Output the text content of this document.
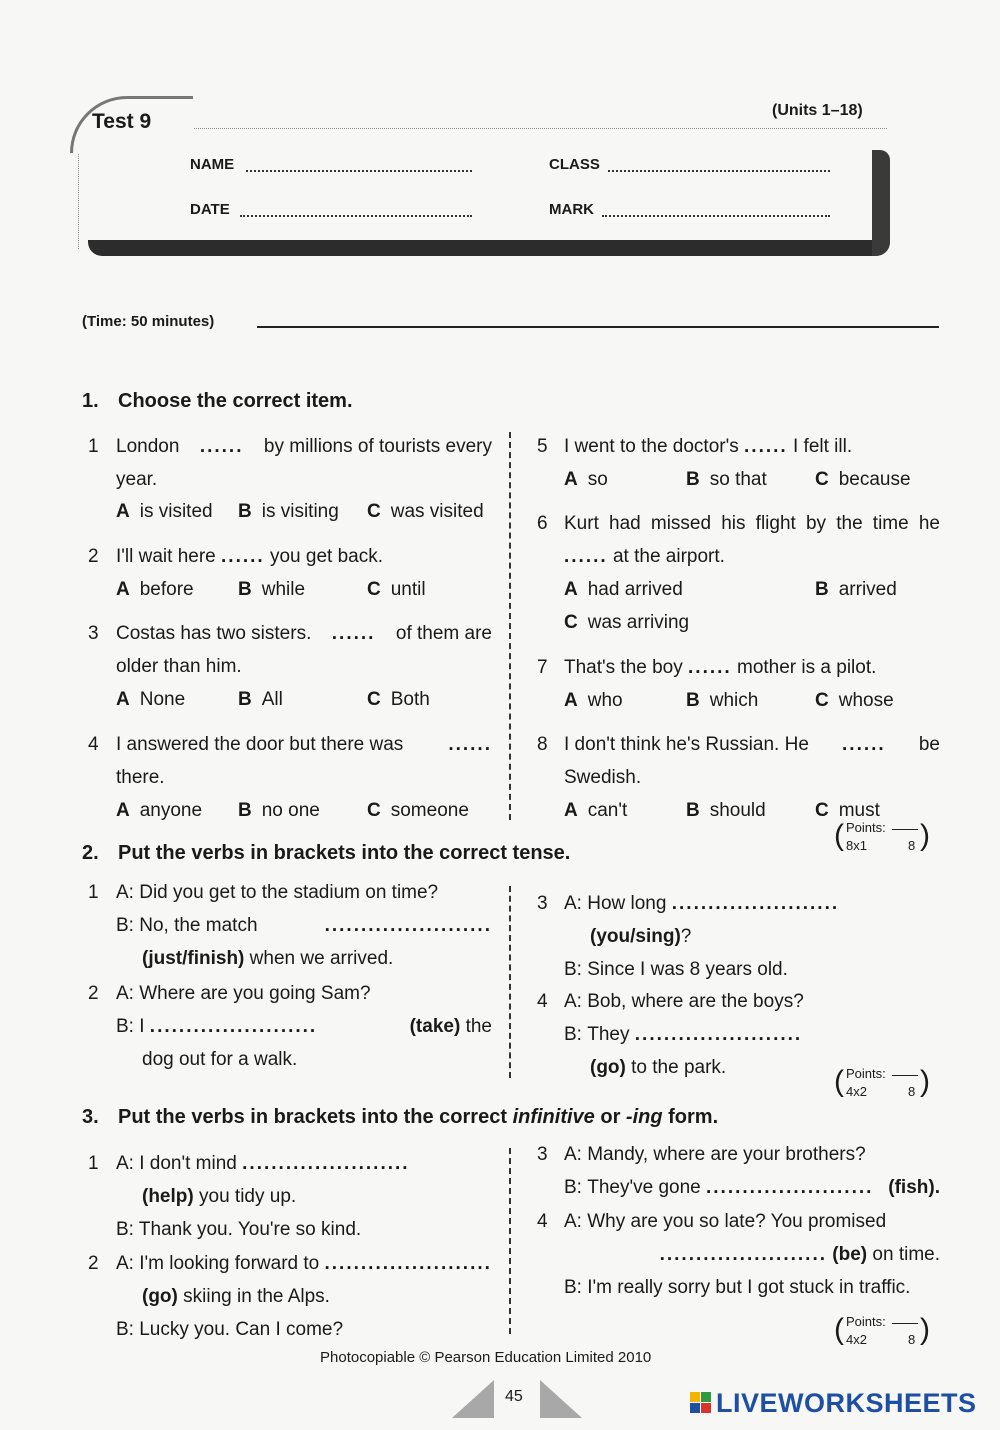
Test 9	(Units 1–18)
NAME	CLASS
DATE	MARK
(Time: 50 minutes)
1. Choose the correct item.
1 London ...... by millions of tourists every
year.
A is visited B is visiting C was visited
2 I'll wait here ...... you get back.
A before B while	C until
3 Costas has two sisters. ...... of them are
older than him.
A None	B All	C Both
4 I answered the door but there was ......
there.
A anyone B no one C someone
5 I went to the doctor's ...... I felt ill.
A so	B so that	C because
6 Kurt had missed his flight by the time he
...... at the airport.
A had arrived	B arrived
C was arriving
7 That's the boy ...... mother is a pilot.
A who	B which	C whose
8 I don't think he's Russian. He ...... be
Swedish.
A can't	B should	C must
(	)
Points:
8x1	8
2. Put the verbs in brackets into the correct tense.
1 A: Did you get to the stadium on time?
B:
No, the match
	.......................
(just/finish) when we arrived.
2 A: Where are you going Sam?
B:
I
.......................
	(take)
the
dog out for a walk.
3 A:
How long
.......................
(you/sing)?
B: Since I was 8 years old.
4 A: Bob, where are the boys?
B:
They
.......................
(go) to the park.	(	)
Points:
4x2	8
3. Put the verbs in brackets into the correct infinitive or -ing form.
1 A:
I don't mind
.......................
(help) you tidy up.
B: Thank you. You're so kind.
2 A:
I'm looking forward to
.......................
(go) skiing in the Alps.
B: Lucky you. Can I come?
3 A: Mandy, where are your brothers?
B:
They've gone
.......................
(fish) .
4 A: Why are you so late? You promised
.......................
(be)
on time.
B: I'm really sorry but I got stuck in traffic.
(	)
Points:
4x2	8
Photocopiable © Pearson Education Limited 2010
45	LIVEWORKSHEETS
